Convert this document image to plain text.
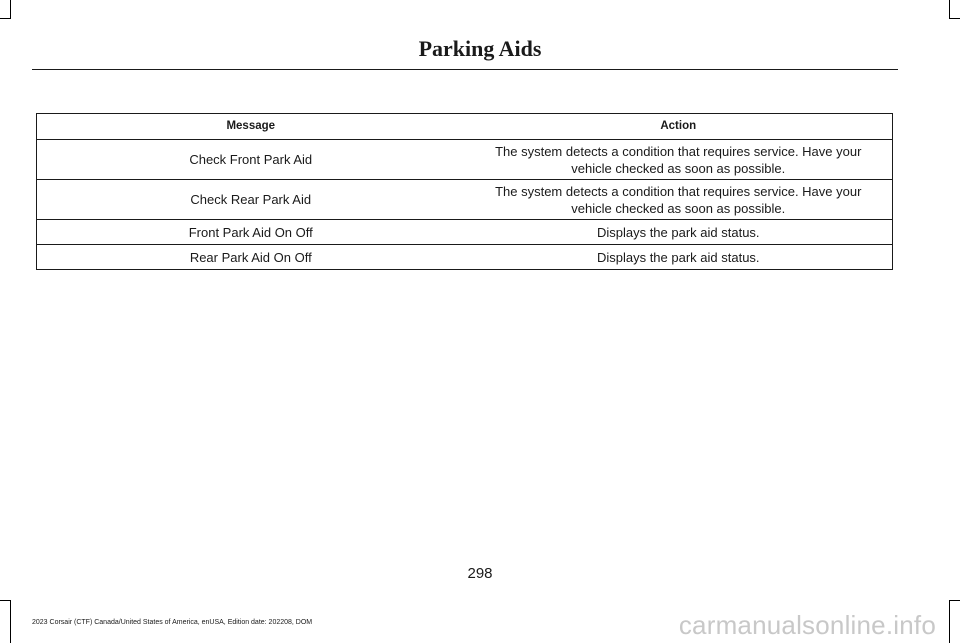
Parking Aids
Message	Action
Check Front Park Aid	The system detects a condition that requires service. Have your vehicle checked as soon as possible.
Check Rear Park Aid	The system detects a condition that requires service. Have your vehicle checked as soon as possible.
Front Park Aid On Off	Displays the park aid status.
Rear Park Aid On Off	Displays the park aid status.
298
2023 Corsair (CTF) Canada/United States of America, enUSA, Edition date: 202208, DOM	carmanualsonline.info
